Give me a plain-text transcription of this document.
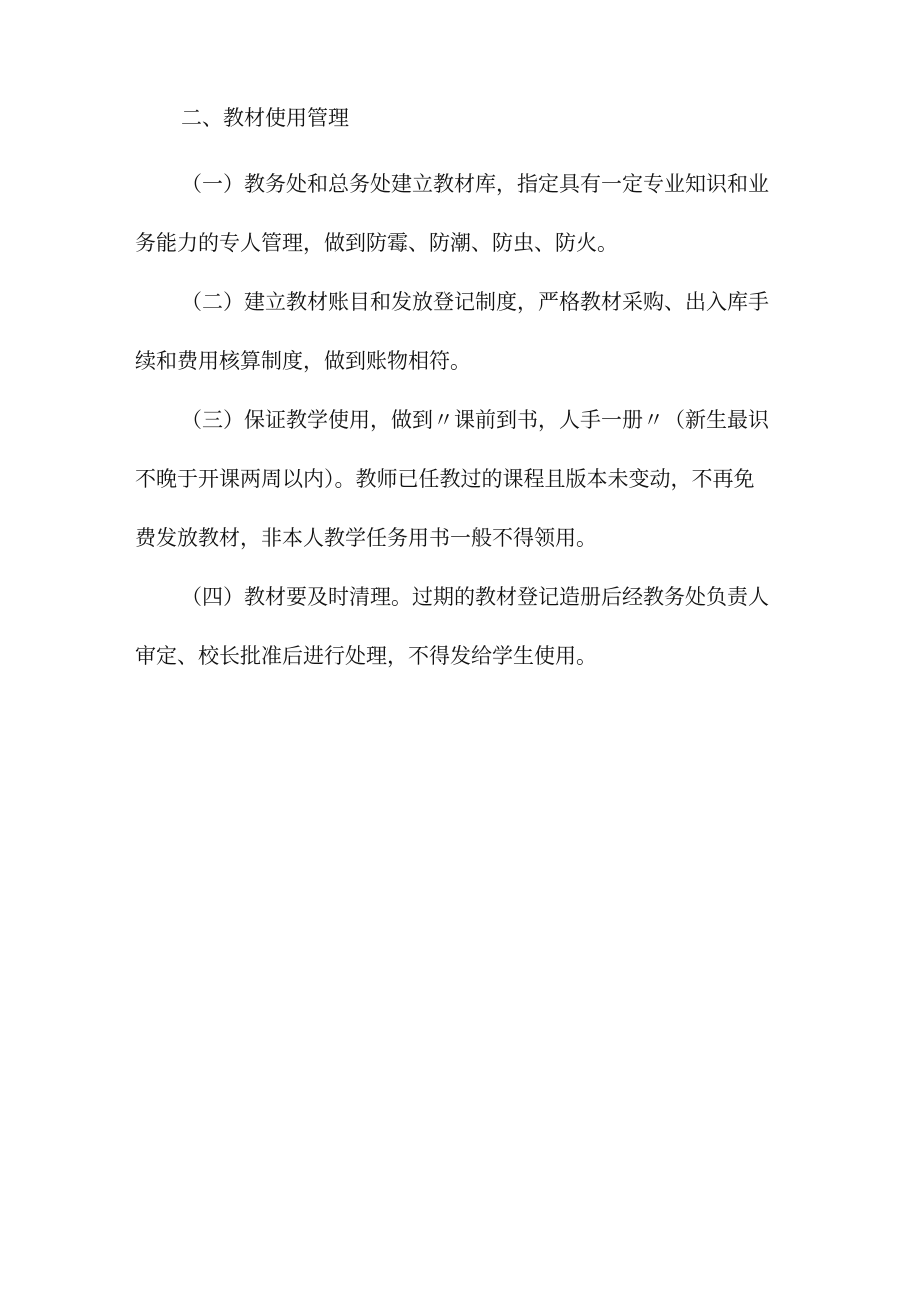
二、教材使用管理

（一）教务处和总务处建立教材库，指定具有一定专业知识和业
务能力的专人管理，做到防霉、防潮、防虫、防火。

（二）建立教材账目和发放登记制度，严格教材采购、出入库手
续和费用核算制度，做到账物相符。

（三）保证教学使用，做到〃课前到书，人手一册〃（新生最识
不晚于开课两周以内）。教师已任教过的课程且版本未变动，不再免
费发放教材，非本人教学任务用书一般不得领用。

（四）教材要及时清理。过期的教材登记造册后经教务处负责人
审定、校长批准后进行处理，不得发给学生使用。
